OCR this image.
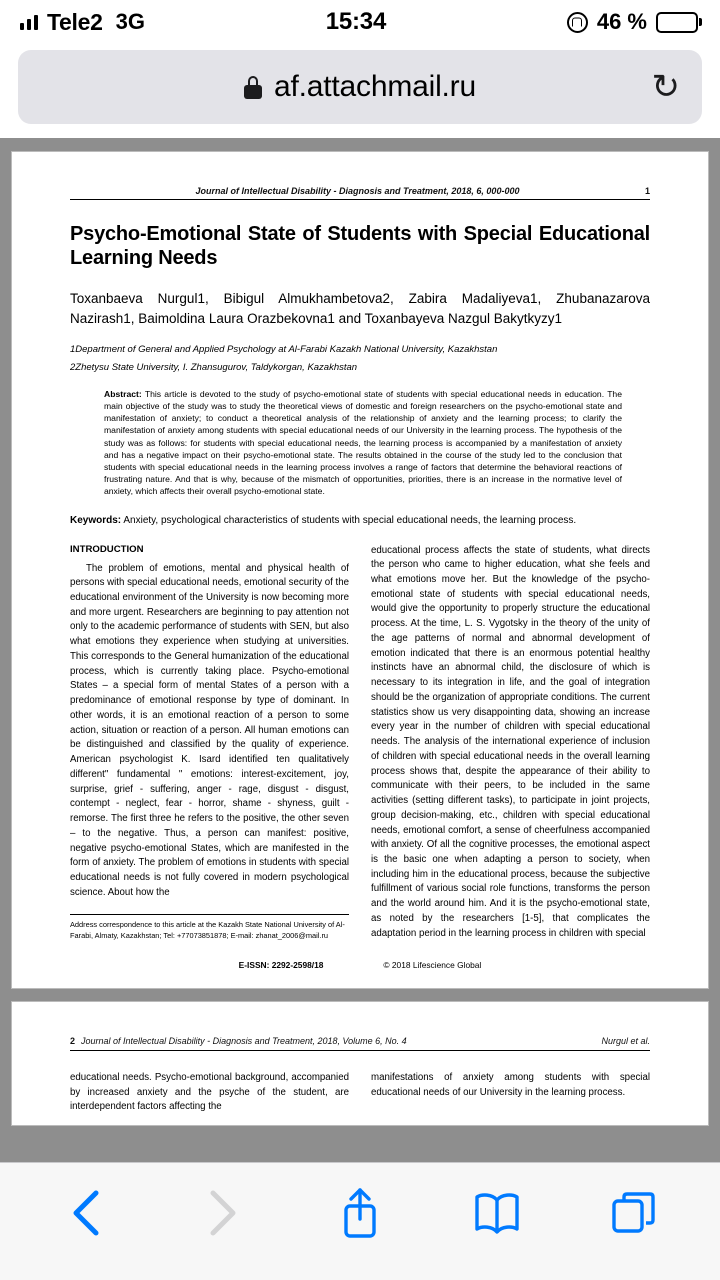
Tele2 3G	15:34	46 %
af.attachmail.ru	↻
Journal of Intellectual Disability - Diagnosis and Treatment, 2018, 6, 000-000	1
Psycho-Emotional State of Students with Special Educational Learning Needs
Toxanbaeva Nurgul1, Bibigul Almukhambetova2, Zabira Madaliyeva1, Zhubanazarova Nazirash1, Baimoldina Laura Orazbekovna1 and Toxanbayeva Nazgul Bakytkyzy1
1Department of General and Applied Psychology at Al-Farabi Kazakh National University, Kazakhstan
2Zhetysu State University, I. Zhansugurov, Taldykorgan, Kazakhstan

Abstract: This article is devoted to the study of psycho-emotional state of students with special educational needs in education. The main objective of the study was to study the theoretical views of domestic and foreign researchers on the psycho-emotional state and manifestation of anxiety; to conduct a theoretical analysis of the relationship of anxiety and the learning process; to clarify the manifestation of anxiety among students with special educational needs of our University in the learning process. The hypothesis of the study was as follows: for students with special educational needs, the learning process is accompanied by a manifestation of anxiety and has a negative impact on their psycho-emotional state. The results obtained in the course of the study led to the conclusion that students with special educational needs in the learning process involves a range of factors that determine the behavioral reactions of frustrating nature. And that is why, because of the mismatch of opportunities, priorities, there is an increase in the normative level of anxiety, which affects their overall psycho-emotional state.

Keywords: Anxiety, psychological characteristics of students with special educational needs, the learning process.
INTRODUCTION
The problem of emotions, mental and physical health of persons with special educational needs, emotional security of the educational environment of the University is now becoming more and more urgent. Researchers are beginning to pay attention not only to the academic performance of students with SEN, but also what emotions they experience when studying at universities. This corresponds to the General humanization of the educational process, which is currently taking place. Psycho-emotional States – a special form of mental States of a person with a predominance of emotional response by type of dominant. In other words, it is an emotional reaction of a person to some action, situation or reaction of a person. All human emotions can be distinguished and classified by the quality of experience. American psychologist K. Isard identified ten qualitatively different" fundamental " emotions: interest-excitement, joy, surprise, grief - suffering, anger - rage, disgust - disgust, contempt - neglect, fear - horror, shame - shyness, guilt - remorse. The first three he refers to the positive, the other seven – to the negative. Thus, a person can manifest: positive, negative psycho-emotional States, which are manifested in the form of anxiety. The problem of emotions in students with special educational needs is not fully covered in modern psychological science. About how the
Address correspondence to this article at the Kazakh State National University of Al-Farabi, Almaty, Kazakhstan; Tel: +77073851878; E-mail: zhanat_2006@mail.ru
educational process affects the state of students, what directs the person who came to higher education, what she feels and what emotions move her. But the knowledge of the psycho-emotional state of students with special educational needs, would give the opportunity to properly structure the educational process. At the time, L. S. Vygotsky in the theory of the unity of the age patterns of normal and abnormal development of emotion indicated that there is an enormous potential healthy instincts have an abnormal child, the disclosure of which is necessary to its integration in life, and the goal of integration should be the organization of appropriate conditions. The current statistics show us very disappointing data, showing an increase every year in the number of children with special educational needs. The analysis of the international experience of inclusion of children with special educational needs in the overall learning process shows that, despite the appearance of their ability to communicate with their peers, to be included in the same activities (setting different tasks), to participate in joint projects, group decision-making, etc., children with special educational needs, emotional comfort, a sense of cheerfulness accompanied with anxiety. Of all the cognitive processes, the emotional aspect is the basic one when adapting a person to society, when including him in the educational process, because the subjective fulfillment of various social role functions, transforms the person and the world around him. And it is the psycho-emotional state, as noted by the researchers [1-5], that complicates the adaptation period in the learning process in children with special
E-ISSN: 2292-2598/18	© 2018 Lifescience Global
2 Journal of Intellectual Disability - Diagnosis and Treatment, 2018, Volume 6, No. 4	Nurgul et al.
educational needs. Psycho-emotional background, accompanied by increased anxiety and the psyche of the student, are interdependent factors affecting the
manifestations of anxiety among students with special educational needs of our University in the learning process.
